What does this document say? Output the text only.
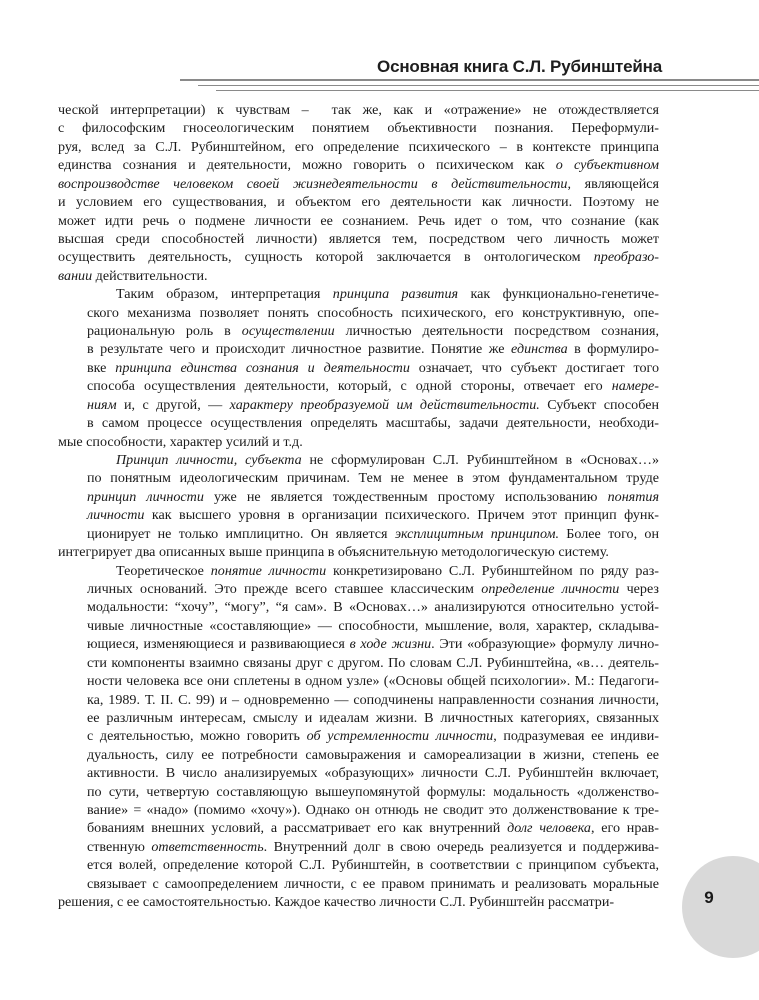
Основная книга С.Л. Рубинштейна

ческой интерпретации) к чувствам –  так же, как и «отражение» не отождествляется
с философским гносеологическим понятием объективности познания. Переформули-
руя, вслед за С.Л. Рубинштейном, его определение психического – в контексте принципа
единства сознания и деятельности, можно говорить о психическом как о субъективном
воспроизводстве человеком своей жизнедеятельности в действительности, являющейся
и условием его существования, и объектом его деятельности как личности. Поэтому не
может идти речь о подмене личности ее сознанием. Речь идет о том, что сознание (как
высшая среди способностей личности) является тем, посредством чего личность может
осуществить деятельность, сущность которой заключается в онтологическом преобразо-
вании действительности.

Таким образом, интерпретация принципа развития как функционально-генетиче-
ского механизма позволяет понять способность психического, его конструктивную, опе-
рациональную роль в осуществлении личностью деятельности посредством сознания,
в результате чего и происходит личностное развитие. Понятие же единства в формулиро-
вке принципа единства сознания и деятельности означает, что субъект достигает того
способа осуществления деятельности, который, с одной стороны, отвечает его намере-
ниям и, с другой, — характеру преобразуемой им действительности. Субъект способен
в самом процессе осуществления определять масштабы, задачи деятельности, необходи-
мые способности, характер усилий и т.д.

Принцип личности, субъекта не сформулирован С.Л. Рубинштейном в «Основах…»
по понятным идеологическим причинам. Тем не менее в этом фундаментальном труде
принцип личности уже не является тождественным простому использованию понятия
личности как высшего уровня в организации психического. Причем этот принцип функ-
ционирует не только имплицитно. Он является эксплицитным принципом. Более того, он
интегрирует два описанных выше принципа в объяснительную методологическую систему.

Теоретическое понятие личности конкретизировано С.Л. Рубинштейном по ряду раз-
личных оснований. Это прежде всего ставшее классическим определение личности через
модальности: “хочу”, “могу”, “я сам». В «Основах…» анализируются относительно устой-
чивые личностные «составляющие» — способности, мышление, воля, характер, складыва-
ющиеся, изменяющиеся и развивающиеся в ходе жизни. Эти «образующие» формулу личнo-
сти компоненты взаимно связаны друг с другом. По словам С.Л. Рубинштейна, «в… деятель-
ности человека все они сплетены в одном узле» («Основы общей психологии». М.: Педагоги-
ка, 1989. Т. II. С. 99) и – одновременно — соподчинены направленности сознания личности,
ее различным интересам, смыслу и идеалам жизни. В личностных категориях, связанных
с деятельностью, можно говорить об устремленности личности, подразумевая ее индиви-
дуальность, силу ее потребности самовыражения и самореализации в жизни, степень ее
активности. В число анализируемых «образующих» личности С.Л. Рубинштейн включает,
по сути, четвертую составляющую вышеупомянутой формулы: модальность «долженство-
вание» = «надо» (помимо «хочу»). Однако он отнюдь не сводит это долженствование к тре-
бованиям внешних условий, а рассматривает его как внутренний долг человека, его нрав-
ственную ответственность. Внутренний долг в свою очередь реализуется и поддержива-
ется волей, определение которой С.Л. Рубинштейн, в соответствии с принципом субъекта,
связывает с самоопределением личности, с ее правом принимать и реализовать моральные
решения, с ее самостоятельностью. Каждое качество личности С.Л. Рубинштейн рассматри-	9
